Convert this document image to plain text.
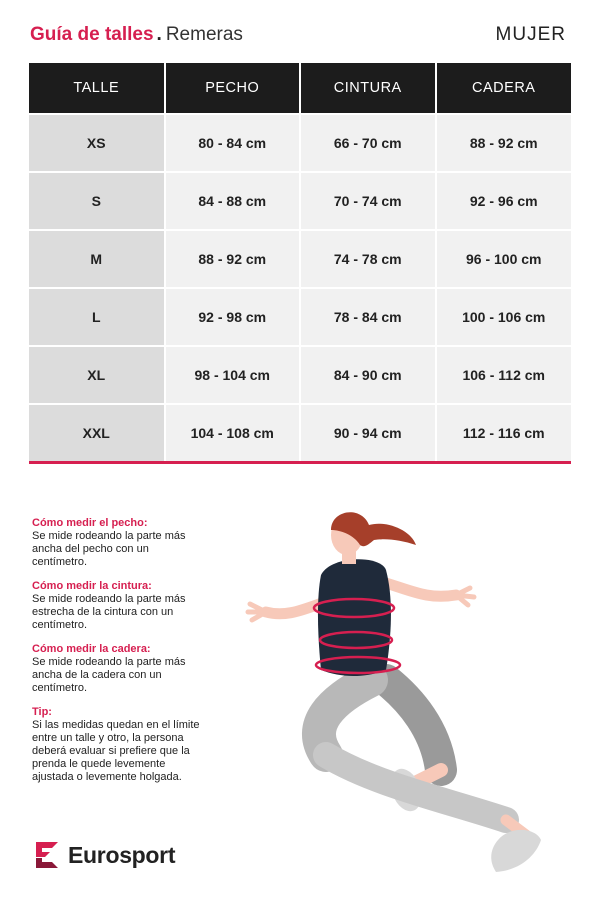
Guía de talles . Remeras	MUJER
TALLE	PECHO	CINTURA	CADERA
XS	80 - 84 cm	66 - 70 cm	88 - 92 cm
S	84 - 88 cm	70 - 74 cm	92 - 96 cm
M	88 - 92 cm	74 - 78 cm	96 - 100 cm
L	92 - 98 cm	78 - 84 cm	100 - 106 cm
XL	98 - 104 cm	84 - 90 cm	106 - 112 cm
XXL	104 - 108 cm	90 - 94 cm	112 - 116 cm
Cómo medir el pecho:
Se mide rodeando la parte más ancha del pecho con un centímetro.
Cómo medir la cintura:
Se mide rodeando la parte más estrecha de la cintura con un centímetro.
Cómo medir la cadera:
Se mide rodeando la parte más ancha de la cadera con un centímetro.
Tip:
Si las medidas quedan en el límite entre un talle y otro, la persona deberá evaluar si prefiere que la prenda le quede levemente ajustada o levemente holgada.
Eurosport
